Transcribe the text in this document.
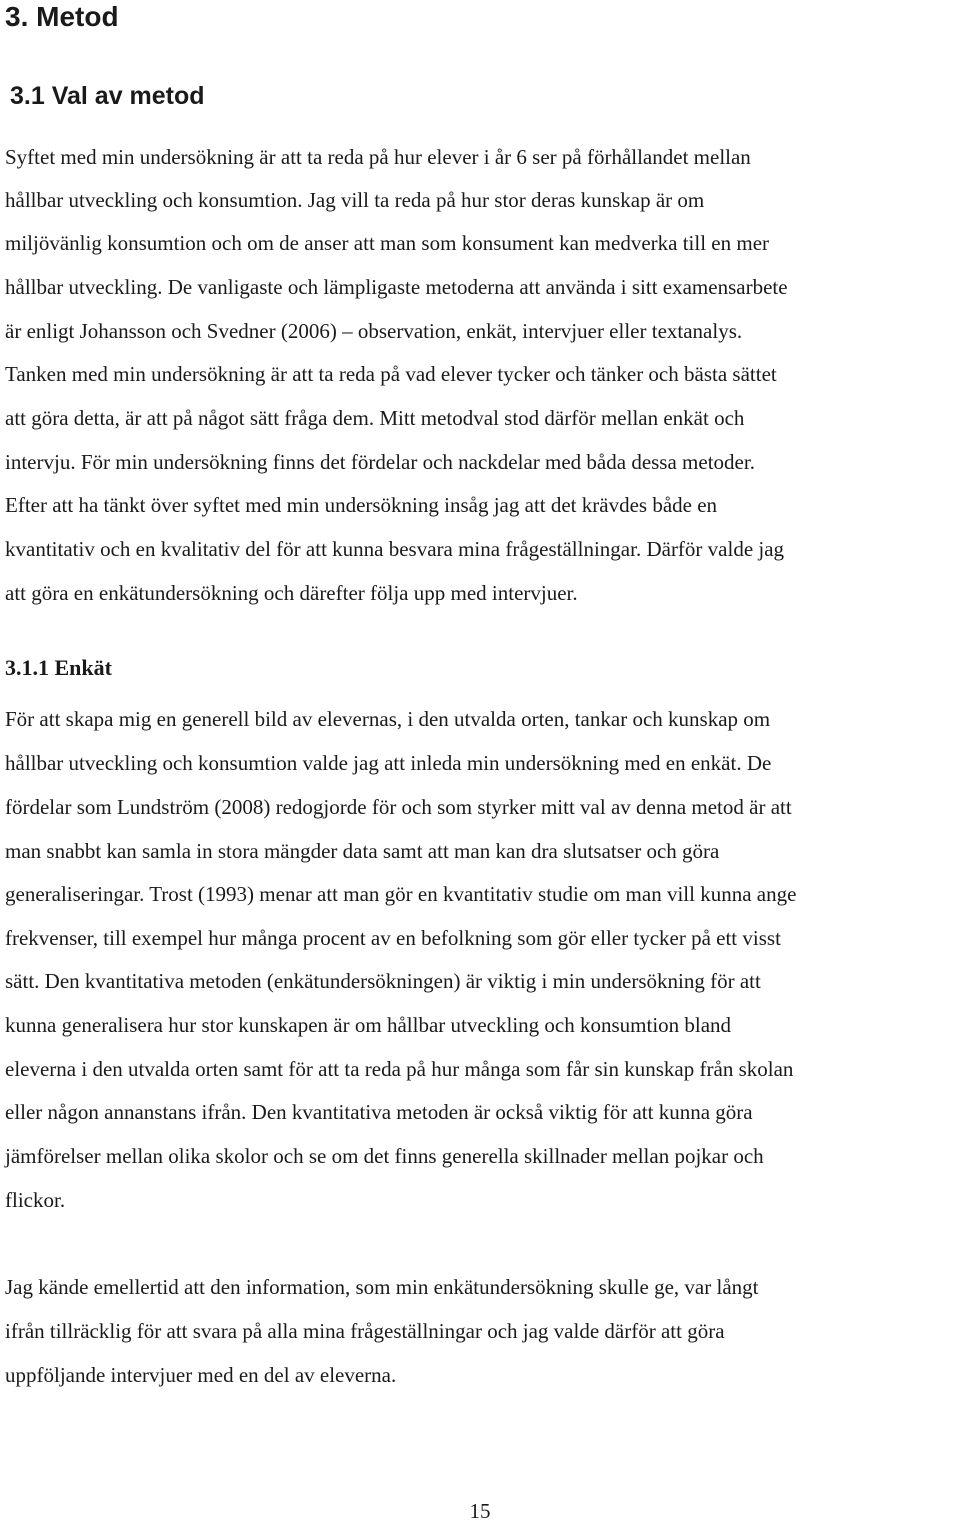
3. Metod
3.1 Val av metod

Syftet med min undersökning är att ta reda på hur elever i år 6 ser på förhållandet mellan

hållbar utveckling och konsumtion. Jag vill ta reda på hur stor deras kunskap är om

miljövänlig konsumtion och om de anser att man som konsument kan medverka till en mer

hållbar utveckling. De vanligaste och lämpligaste metoderna att använda i sitt examensarbete

är enligt Johansson och Svedner (2006) – observation, enkät, intervjuer eller textanalys.

Tanken med min undersökning är att ta reda på vad elever tycker och tänker och bästa sättet

att göra detta, är att på något sätt fråga dem. Mitt metodval stod därför mellan enkät och

intervju. För min undersökning finns det fördelar och nackdelar med båda dessa metoder.

Efter att ha tänkt över syftet med min undersökning insåg jag att det krävdes både en

kvantitativ och en kvalitativ del för att kunna besvara mina frågeställningar. Därför valde jag

att göra en enkätundersökning och därefter följa upp med intervjuer.

3.1.1 Enkät

För att skapa mig en generell bild av elevernas, i den utvalda orten, tankar och kunskap om

hållbar utveckling och konsumtion valde jag att inleda min undersökning med en enkät. De

fördelar som Lundström (2008) redogjorde för och som styrker mitt val av denna metod är att

man snabbt kan samla in stora mängder data samt att man kan dra slutsatser och göra

generaliseringar. Trost (1993) menar att man gör en kvantitativ studie om man vill kunna ange

frekvenser, till exempel hur många procent av en befolkning som gör eller tycker på ett visst

sätt. Den kvantitativa metoden (enkätundersökningen) är viktig i min undersökning för att

kunna generalisera hur stor kunskapen är om hållbar utveckling och konsumtion bland

eleverna i den utvalda orten samt för att ta reda på hur många som får sin kunskap från skolan

eller någon annanstans ifrån. Den kvantitativa metoden är också viktig för att kunna göra

jämförelser mellan olika skolor och se om det finns generella skillnader mellan pojkar och

flickor.

Jag kände emellertid att den information, som min enkätundersökning skulle ge, var långt

ifrån tillräcklig för att svara på alla mina frågeställningar och jag valde därför att göra

uppföljande intervjuer med en del av eleverna.

15
